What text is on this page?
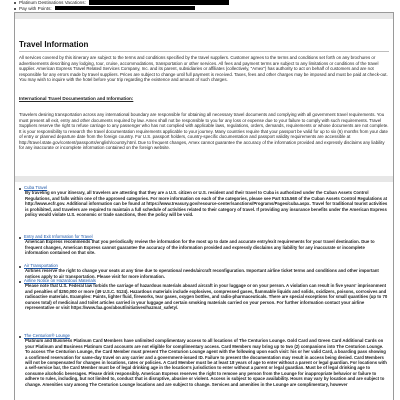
Platinum Destinations Vacations:
Pay with Points:
Travel Information

All services covered by this itinerary are subject to the terms and conditions specified by the travel suppliers. Customer agrees to the terms and conditions set forth on any brochures or advertisements describing any lodging, tour, cruise, accommodations, transportation or other services. All fees and payment terms are subject to any limitations or conditions of the travel supplier. American Express Travel Related Services Company, Inc. and its parent, subsidiaries or affiliates (collectively, "Amex") has authority to act on behalf of customers and are not responsible for any errors made by travel suppliers. Prices are subject to change until full payment is received. Taxes, fees and other charges may be imposed and must be paid at check-out. You may wish to inquire with the hotel before your trip regarding the existence and amount of such charges.

International Travel Documentation and Information:

Travelers desiring transportation across any international boundary are responsible for obtaining all necessary travel documents and complying with all government travel requirements. You must present all exit, entry and other documents required by law. Amex shall not be responsible to you for any loss or expense due to your failure to comply with such requirements. Travel Suppliers reserve the right to refuse carriage to any passenger who has not complied with applicable laws, regulations, orders, demands, requirements or whose documents are not complete. It is your responsibility to research the travel documentation requirements applicable to your journey. Many countries require that your passport be valid for up to six (6) months from your date of entry or planned departure date from the foreign country. For U.S. passport holders, country-specific documentation and passport validity requirements are accessible at http://travel.state.gov/content/passports/english/country.html. Due to frequent changes, Amex cannot guarantee the accuracy of the information provided and expressly disclaims any liability for any inaccurate or incomplete information contained on the foreign website.

Cuba Travel
By traveling on your itinerary, all travelers are attesting that they are a U.S. citizen or U.S. resident and their travel to Cuba is authorized under the Cuban Assets Control Regulations, and falls within one of the approved categories. For more information on each of the categories, please see Part 515.560 of the Cuban Assets Control Regulations at http://www.ecfr.gov. Additional information can be found at https://www.treasury.gov/resource-center/sanctions/Programs/Pages/cuba.aspx. Travel for traditional tourist activities is prohibited, and travelers are required to maintain a full schedule of activities related to their category of travel. If providing any insurance benefits under the American Express policy would violate U.S. economic or trade sanctions, then the policy will be void.
Entry and Exit Information for Travel
American Express recommends that you periodically review the information for the most up to date and accurate entry/exit requirements for your travel destination. Due to frequent changes, American Express cannot guarantee the accuracy of the information provided and expressly disclaims any liability for any inaccurate or incomplete information contained on that site.
Air Transportation
Airlines reserve the right to change your seats at any time due to operational needs/aircraft reconfiguration. Important airline ticket terms and conditions and other important notices apply to air transportation. Please visit for more information.
Airline Notice on Hazardous Materials
Please note that U.S. Federal law forbids the carriage of hazardous materials aboard aircraft in your luggage or on your person. A violation can result in five years' imprisonment and penalties of $250,000 or more (49 U.S.C. 5124). Hazardous materials include explosives, compressed gases, flammable liquids and solids, oxidizers, poisons, corrosives and radioactive materials. Examples: Paints, lighter fluid, fireworks, tear gases, oxygen bottles, and radio-pharmaceuticals. There are special exceptions for small quantities (up to 70 ounces total) of medicinal and toilet articles carried in your luggage and certain smoking materials carried on your person. For further information contact your airline representative or visit https://www.faa.gov/about/initiatives/hazmat_safety/.
The Centurion® Lounge
Platinum and Business Platinum Card Members have unlimited complimentary access to all locations of The Centurion Lounge. Gold Card and Green Card Additional Cards on your Platinum and Business Platinum Card accounts are not eligible for complimentary access. Card Members may bring up to two (2) companions into The Centurion Lounge. To access The Centurion Lounge, the Card Member must present The Centurion Lounge agent with the following upon each visit: his or her valid Card, a boarding pass showing a confirmed reservation for same-day travel on any carrier and a government-issued ID. Failure to present the documentation may result in access being denied. Card Members will not be compensated for changes in locations, rates or policies. A Card Member must be at least 18 years of age to enter without a parent or legal guardian. For locations with a self-service bar, the Card Member must be of legal drinking age in the location's jurisdiction to enter without a parent or legal guardian. Must be of legal drinking age to consume alcoholic beverages. Please drink responsibly. American Express reserves the right to remove any person from the Lounge for inappropriate behavior or failure to adhere to rules, including, but not limited to, conduct that is disruptive, abusive or violent. Access is subject to space availability. Hours may vary by location and are subject to change. Amenities vary among The Centurion Lounge locations and are subject to change. Services and amenities in the Lounge are complimentary, however
